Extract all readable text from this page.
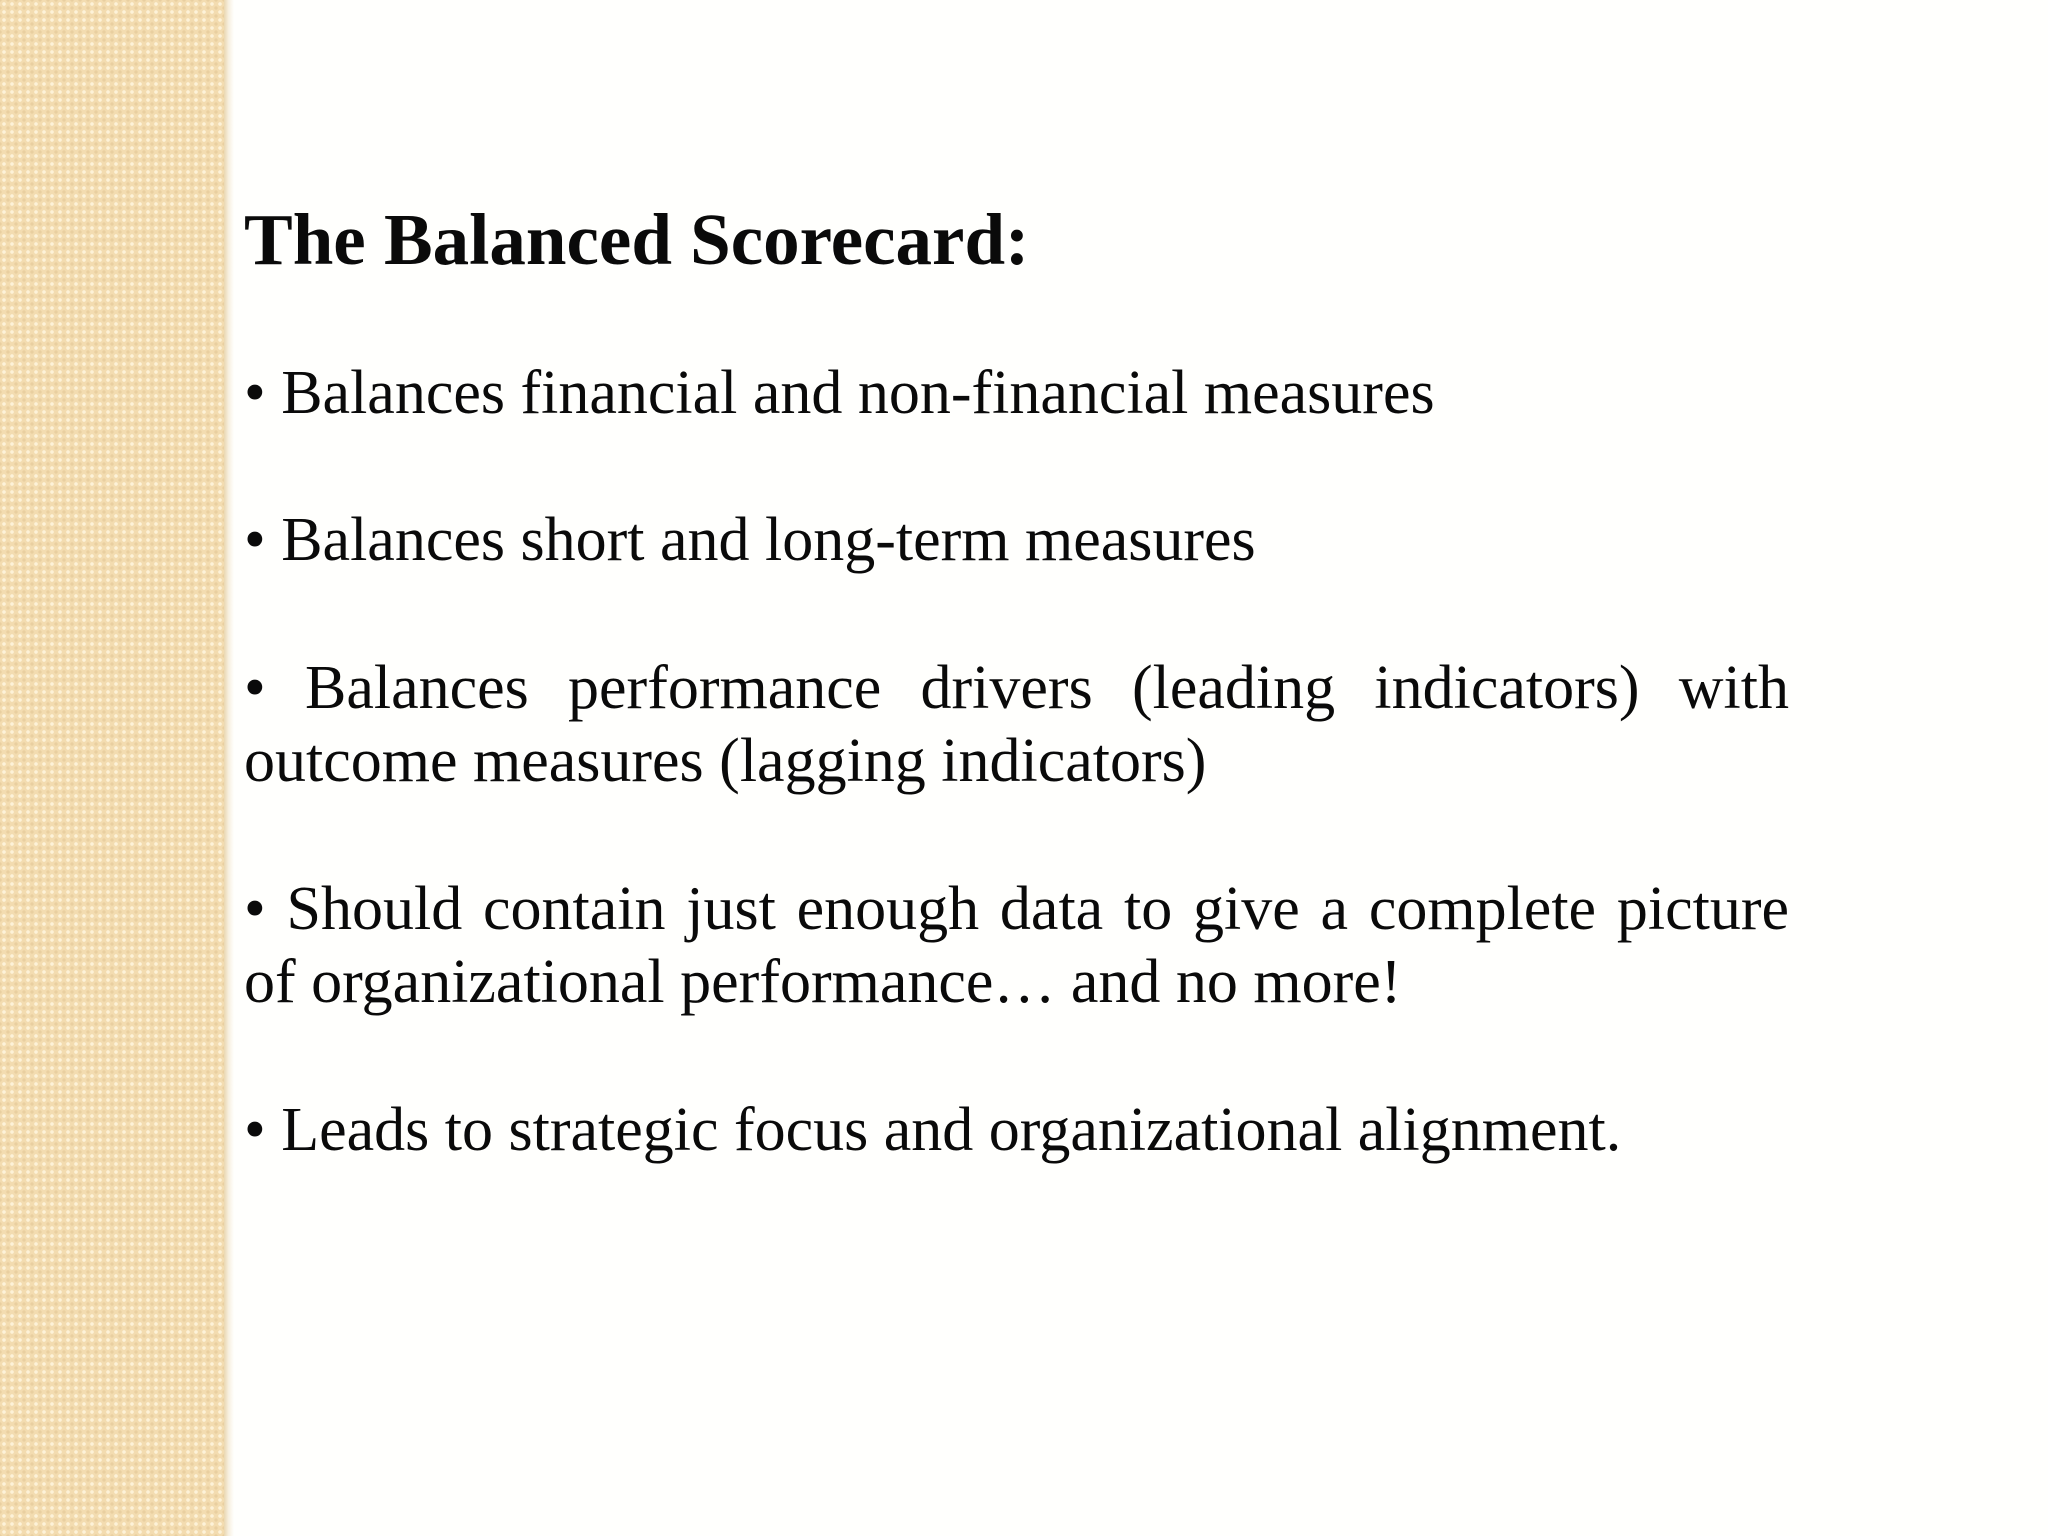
The Balanced Scorecard:
• Balances financial and non-financial measures
• Balances short and long-term measures
• Balances performance drivers (leading indicators) with outcome measures (lagging indicators)
• Should contain just enough data to give a complete picture of organizational performance… and no more!
• Leads to strategic focus and organizational alignment.
